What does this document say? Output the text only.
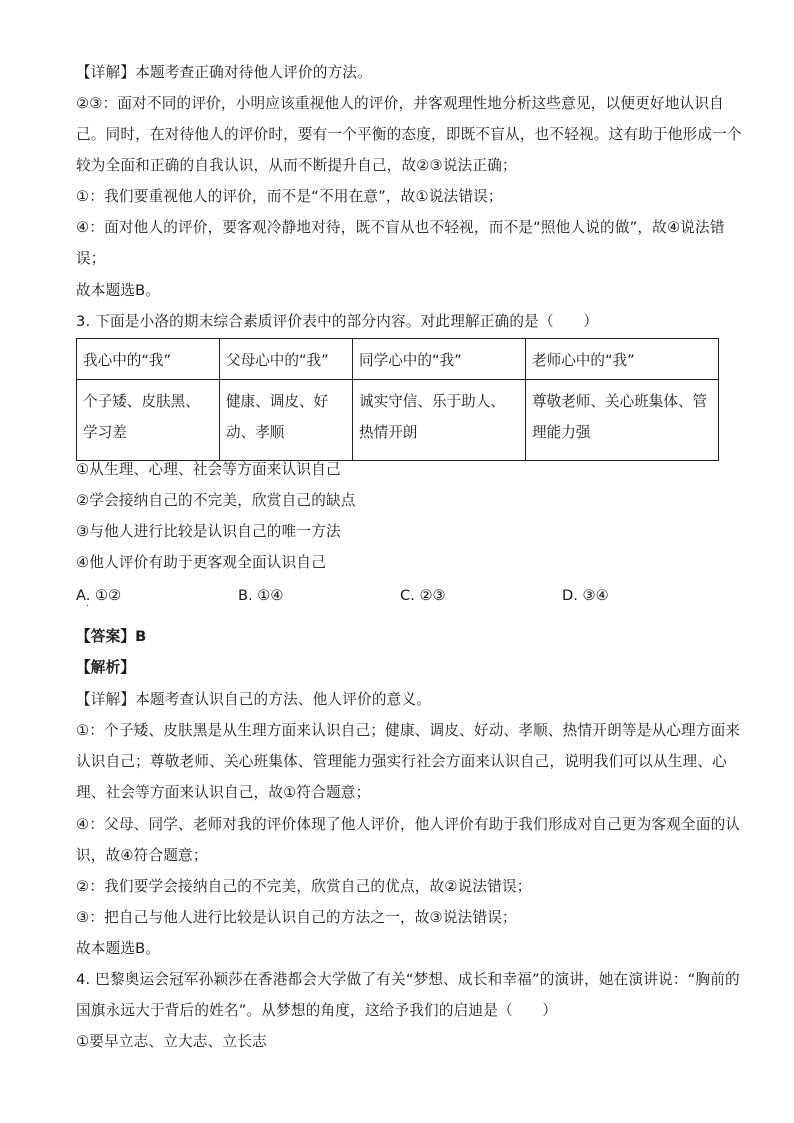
【详解】本题考查正确对待他人评价的方法。
②③：面对不同的评价，小明应该重视他人的评价，并客观理性地分析这些意见，以便更好地认识自
己。同时，在对待他人的评价时，要有一个平衡的态度，即既不盲从，也不轻视。这有助于他形成一个
较为全面和正确的自我认识，从而不断提升自己，故②③说法正确；
①：我们要重视他人的评价，而不是“不用在意”，故①说法错误；
④：面对他人的评价，要客观冷静地对待，既不盲从也不轻视，而不是“照他人说的做”，故④说法错
误；
故本题选B。
3. 下面是小洛的期末综合素质评价表中的部分内容。对此理解正确的是（　　）
我心中的“我”	父母心中的“我”	同学心中的“我”	老师心中的“我”
个子矮、皮肤黑、学习差	健康、调皮、好动、孝顺	诚实守信、乐于助人、热情开朗	尊敬老师、关心班集体、管理能力强
①从生理、心理、社会等方面来认识自己
②学会接纳自己的不完美，欣赏自己的缺点
③与他人进行比较是认识自己的唯一方法
④他人评价有助于更客观全面认识自己
A. ①②	B. ①④	C. ②③	D. ③④
·
【答案】B
【解析】
【详解】本题考查认识自己的方法、他人评价的意义。
①：个子矮、皮肤黑是从生理方面来认识自己；健康、调皮、好动、孝顺、热情开朗等是从心理方面来
认识自己；尊敬老师、关心班集体、管理能力强实行社会方面来认识自己，说明我们可以从生理、心
理、社会等方面来认识自己，故①符合题意；
④：父母、同学、老师对我的评价体现了他人评价，他人评价有助于我们形成对自己更为客观全面的认
识，故④符合题意；
②：我们要学会接纳自己的不完美，欣赏自己的优点，故②说法错误；
③：把自己与他人进行比较是认识自己的方法之一，故③说法错误；
故本题选B。
4. 巴黎奥运会冠军孙颖莎在香港都会大学做了有关“梦想、成长和幸福”的演讲，她在演讲说：“胸前的
国旗永远大于背后的姓名”。从梦想的角度，这给予我们的启迪是（　　）
①要早立志、立大志、立长志
